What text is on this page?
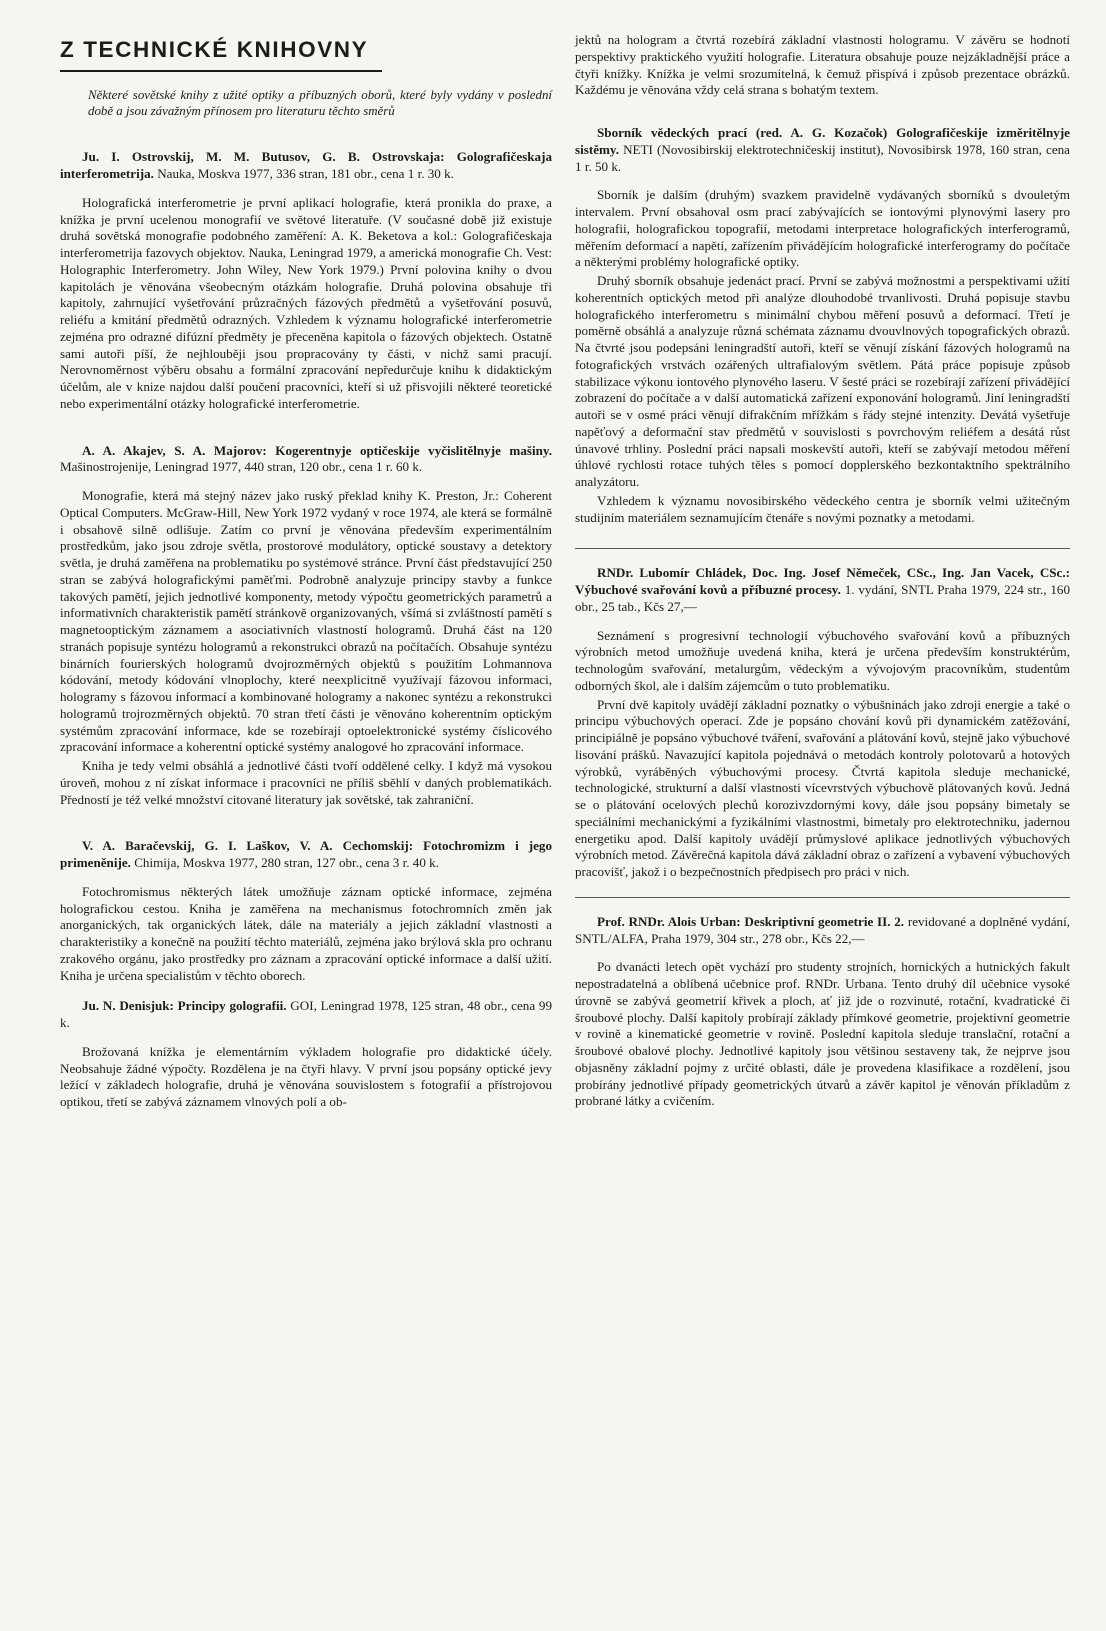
Z TECHNICKÉ KNIHOVNY

Některé sovětské knihy z užité optiky a příbuzných oborů, které byly vydány v poslední době a jsou závažným přínosem pro literaturu těchto směrů

Ju. I. Ostrovskij, M. M. Butusov, G. B. Ostrovskaja: Golografičeskaja interferometrija. Nauka, Moskva 1977, 336 stran, 181 obr., cena 1 r. 30 k.

Holografická interferometrie je první aplikací holografie, která pronikla do praxe, a knížka je první ucelenou monografií ve světové literatuře. (V současné době již existuje druhá sovětská monografie podobného zaměření: A. K. Beketova a kol.: Golografičeskaja interferometrija fazovych objektov. Nauka, Leningrad 1979, a americká monografie Ch. Vest: Holographic Interferometry. John Wiley, New York 1979.) První polovina knihy o dvou kapitolách je věnována všeobecným otázkám holografie. Druhá polovina obsahuje tři kapitoly, zahrnující vyšetřování průzračných fázových předmětů a vyšetřování posuvů, reliéfu a kmitání předmětů odrazných. Vzhledem k významu holografické interferometrie zejména pro odrazné difúzní předměty je přeceněna kapitola o fázových objektech. Ostatně sami autoři píší, že nejhlouběji jsou propracovány ty části, v nichž sami pracují. Nerovnoměrnost výběru obsahu a formální zpracování nepředurčuje knihu k didaktickým účelům, ale v knize najdou další poučení pracovníci, kteří si už přisvojili některé teoretické nebo experimentální otázky holografické interferometrie.

A. A. Akajev, S. A. Majorov: Kogerentnyje optičeskije vyčislitělnyje mašiny. Mašinostrojenije, Leningrad 1977, 440 stran, 120 obr., cena 1 r. 60 k.

Monografie, která má stejný název jako ruský překlad knihy K. Preston, Jr.: Coherent Optical Computers. McGraw-Hill, New York 1972 vydaný v roce 1974, ale která se formálně i obsahově silně odlišuje. Zatím co první je věnována především experimentálním prostředkům, jako jsou zdroje světla, prostorové modulátory, optické soustavy a detektory světla, je druhá zaměřena na problematiku po systémové stránce. První část představující 250 stran se zabývá holografickými paměťmi. Podrobně analyzuje principy stavby a funkce takových pamětí, jejich jednotlivé komponenty, metody výpočtu geometrických parametrů a informativních charakteristik pamětí stránkově organizovaných, všímá si zvláštností pamětí s magnetooptickým záznamem a asociativních vlastností hologramů. Druhá část na 120 stranách popisuje syntézu hologramů a rekonstrukci obrazů na počítačích. Obsahuje syntézu binárních fourierských hologramů dvojrozměrných objektů s použitím Lohmannova kódování, metody kódování vlnoplochy, které neexplicitně využívají fázovou informaci, hologramy s fázovou informací a kombinované hologramy a nakonec syntézu a rekonstrukci hologramů trojrozměrných objektů. 70 stran třetí části je věnováno koherentním optickým systémům zpracování informace, kde se rozebírají optoelektronické systémy číslicového zpracování informace a koherentní optické systémy analogové ho zpracování informace.

Kniha je tedy velmi obsáhlá a jednotlivé části tvoří oddělené celky. I když má vysokou úroveň, mohou z ní získat informace i pracovníci ne příliš sběhlí v daných problematikách. Předností je též velké množství citované literatury jak sovětské, tak zahraniční.

V. A. Baračevskij, G. I. Laškov, V. A. Cechomskij: Fotochromizm i jego primeněnije. Chimija, Moskva 1977, 280 stran, 127 obr., cena 3 r. 40 k.

Fotochromismus některých látek umožňuje záznam optické informace, zejména holografickou cestou. Kniha je zaměřena na mechanismus fotochromních změn jak anorganických, tak organických látek, dále na materiály a jejich základní vlastnosti a charakteristiky a konečně na použití těchto materiálů, zejména jako brýlová skla pro ochranu zrakového orgánu, jako prostředky pro záznam a zpracování optické informace a další užití. Kniha je určena specialistům v těchto oborech.

Ju. N. Denisjuk: Principy golografii. GOI, Leningrad 1978, 125 stran, 48 obr., cena 99 k.

Brožovaná knížka je elementárním výkladem holografie pro didaktické účely. Neobsahuje žádné výpočty. Rozdělena je na čtyři hlavy. V první jsou popsány optické jevy ležící v základech holografie, druhá je věnována souvislostem s fotografií a přístrojovou optikou, třetí se zabývá záznamem vlnových polí a ob-

jektů na hologram a čtvrtá rozebírá základní vlastnosti hologramu. V závěru se hodnotí perspektivy praktického využití holografie. Literatura obsahuje pouze nejzákladnější práce a čtyři knížky. Knížka je velmi srozumitelná, k čemuž přispívá i způsob prezentace obrázků. Každému je věnována vždy celá strana s bohatým textem.

Sborník vědeckých prací (red. A. G. Kozačok) Golografičeskije izměritělnyje sistěmy. NETI (Novosibirskij elektrotechničeskij institut), Novosibirsk 1978, 160 stran, cena 1 r. 50 k.

Sborník je dalším (druhým) svazkem pravidelně vydávaných sborníků s dvouletým intervalem. První obsahoval osm prací zabývajících se iontovými plynovými lasery pro holografii, holografickou topografií, metodami interpretace holografických interferogramů, měřením deformací a napětí, zařízením přivádějícím holografické interferogramy do počítače a některými problémy holografické optiky.

Druhý sborník obsahuje jedenáct prací. První se zabývá možnostmi a perspektivami užití koherentních optických metod při analýze dlouhodobé trvanlivosti. Druhá popisuje stavbu holografického interferometru s minimální chybou měření posuvů a deformací. Třetí je poměrně obsáhlá a analyzuje různá schémata záznamu dvouvlnových topografických obrazů. Na čtvrté jsou podepsáni leningradští autoři, kteří se věnují získání fázových hologramů na fotografických vrstvách ozářených ultrafialovým světlem. Pátá práce popisuje způsob stabilizace výkonu iontového plynového laseru. V šesté práci se rozebírají zařízení přivádějící zobrazení do počítače a v další automatická zařízení exponování hologramů. Jiní leningradští autoři se v osmé práci věnují difrakčním mřížkám s řády stejné intenzity. Devátá vyšetřuje napěťový a deformační stav předmětů v souvislosti s povrchovým reliéfem a desátá růst únavové trhliny. Poslední práci napsali moskevští autoři, kteří se zabývají metodou měření úhlové rychlosti rotace tuhých těles s pomocí dopplerského bezkontaktního spektrálního analyzátoru.

Vzhledem k významu novosibirského vědeckého centra je sborník velmi užitečným studijním materiálem seznamujícím čtenáře s novými poznatky a metodami.

RNDr. Lubomír Chládek, Doc. Ing. Josef Němeček, CSc., Ing. Jan Vacek, CSc.: Výbuchové svařování kovů a příbuzné procesy. 1. vydání, SNTL Praha 1979, 224 str., 160 obr., 25 tab., Kčs 27,—

Seznámení s progresivní technologií výbuchového svařování kovů a příbuzných výrobních metod umožňuje uvedená kniha, která je určena především konstruktérům, technologům svařování, metalurgům, vědeckým a vývojovým pracovníkům, studentům odborných škol, ale i dalším zájemcům o tuto problematiku.

První dvě kapitoly uvádějí základní poznatky o výbušninách jako zdroji energie a také o principu výbuchových operací. Zde je popsáno chování kovů při dynamickém zatěžování, principiálně je popsáno výbuchové tváření, svařování a plátování kovů, stejně jako výbuchové lisování prášků. Navazující kapitola pojednává o metodách kontroly polotovarů a hotových výrobků, vyráběných výbuchovými procesy. Čtvrtá kapitola sleduje mechanické, technologické, strukturní a další vlastnosti vícevrstvých výbuchově plátovaných kovů. Jedná se o plátování ocelových plechů korozivzdornými kovy, dále jsou popsány bimetaly se speciálními mechanickými a fyzikálními vlastnostmi, bimetaly pro elektrotechniku, jadernou energetiku apod. Další kapitoly uvádějí průmyslové aplikace jednotlivých výbuchových výrobních metod. Závěrečná kapitola dává základní obraz o zařízení a vybavení výbuchových pracovišť, jakož i o bezpečnostních předpisech pro práci v nich.

Prof. RNDr. Alois Urban: Deskriptivní geometrie II. 2. revidované a doplněné vydání, SNTL/ALFA, Praha 1979, 304 str., 278 obr., Kčs 22,—

Po dvanácti letech opět vychází pro studenty strojních, hornických a hutnických fakult nepostradatelná a oblíbená učebnice prof. RNDr. Urbana. Tento druhý díl učebnice vysoké úrovně se zabývá geometrií křivek a ploch, ať již jde o rozvinuté, rotační, kvadratické či šroubové plochy. Další kapitoly probírají základy přímkové geometrie, projektivní geometrie v rovině a kinematické geometrie v rovině. Poslední kapitola sleduje translační, rotační a šroubové obalové plochy. Jednotlivé kapitoly jsou většinou sestaveny tak, že nejprve jsou objasněny základní pojmy z určité oblasti, dále je provedena klasifikace a rozdělení, jsou probírány jednotlivé případy geometrických útvarů a závěr kapitol je věnován příkladům z probrané látky a cvičením.
